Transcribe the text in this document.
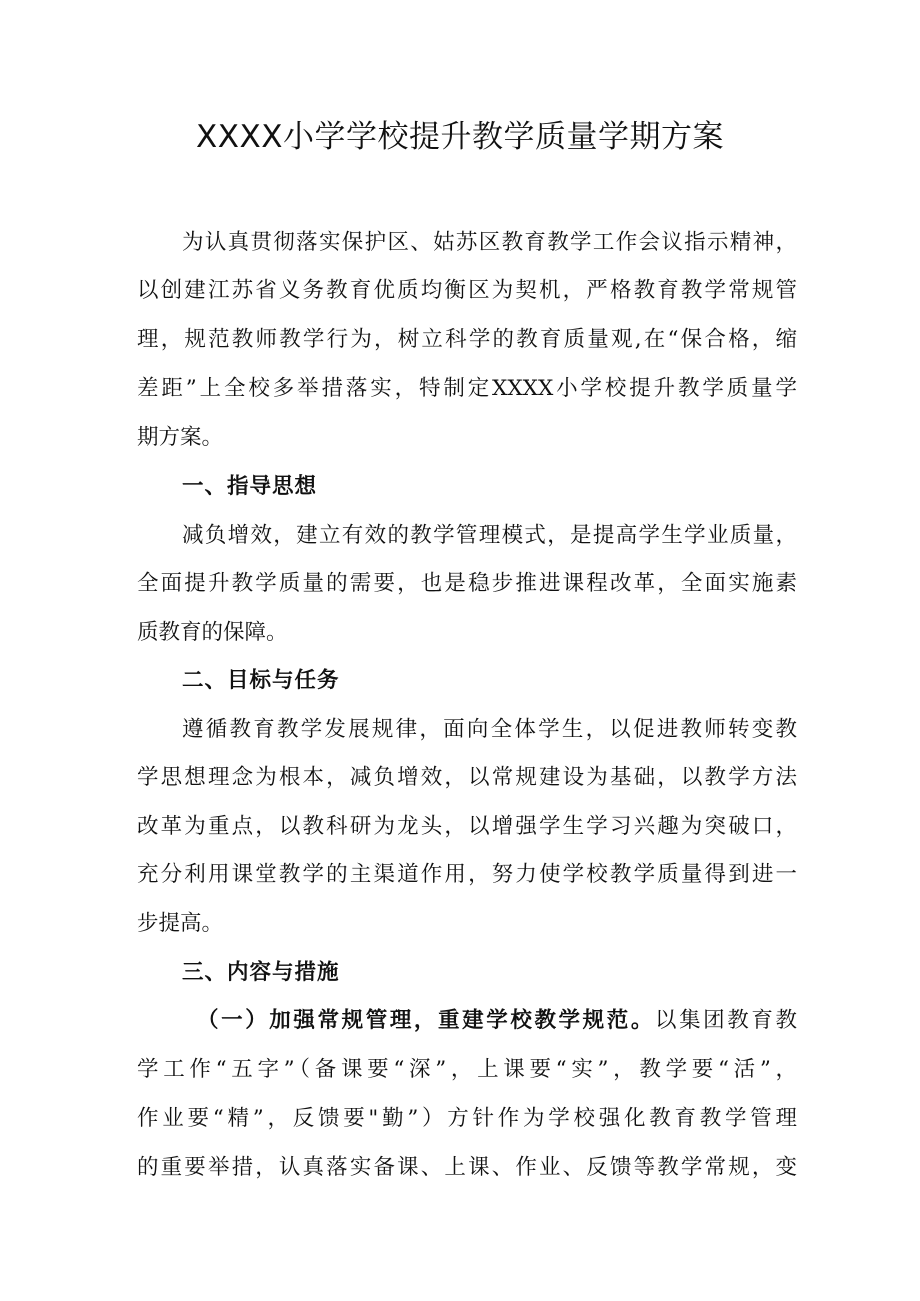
XXXX小学学校提升教学质量学期方案
为认真贯彻落实保护区、姑苏区教育教学工作会议指示精神，
以创建江苏省义务教育优质均衡区为契机，严格教育教学常规管
理，规范教师教学行为，树立科学的教育质量观,在“保合格，缩
差距”上全校多举措落实，特制定XXXX小学校提升教学质量学
期方案。
一、指导思想
减负增效，建立有效的教学管理模式，是提高学生学业质量，
全面提升教学质量的需要，也是稳步推进课程改革，全面实施素
质教育的保障。
二、目标与任务
遵循教育教学发展规律，面向全体学生，以促进教师转变教
学思想理念为根本，减负增效，以常规建设为基础，以教学方法
改革为重点，以教科研为龙头，以增强学生学习兴趣为突破口，
充分利用课堂教学的主渠道作用，努力使学校教学质量得到进一
步提高。
三、内容与措施
（一）加强常规管理，重建学校教学规范。以集团教育教
学工作“五字”（备课要“深”，上课要“实”，教学要“活”，
作业要“精”，反馈要"勤”）方针作为学校强化教育教学管理
的重要举措，认真落实备课、上课、作业、反馈等教学常规，变
